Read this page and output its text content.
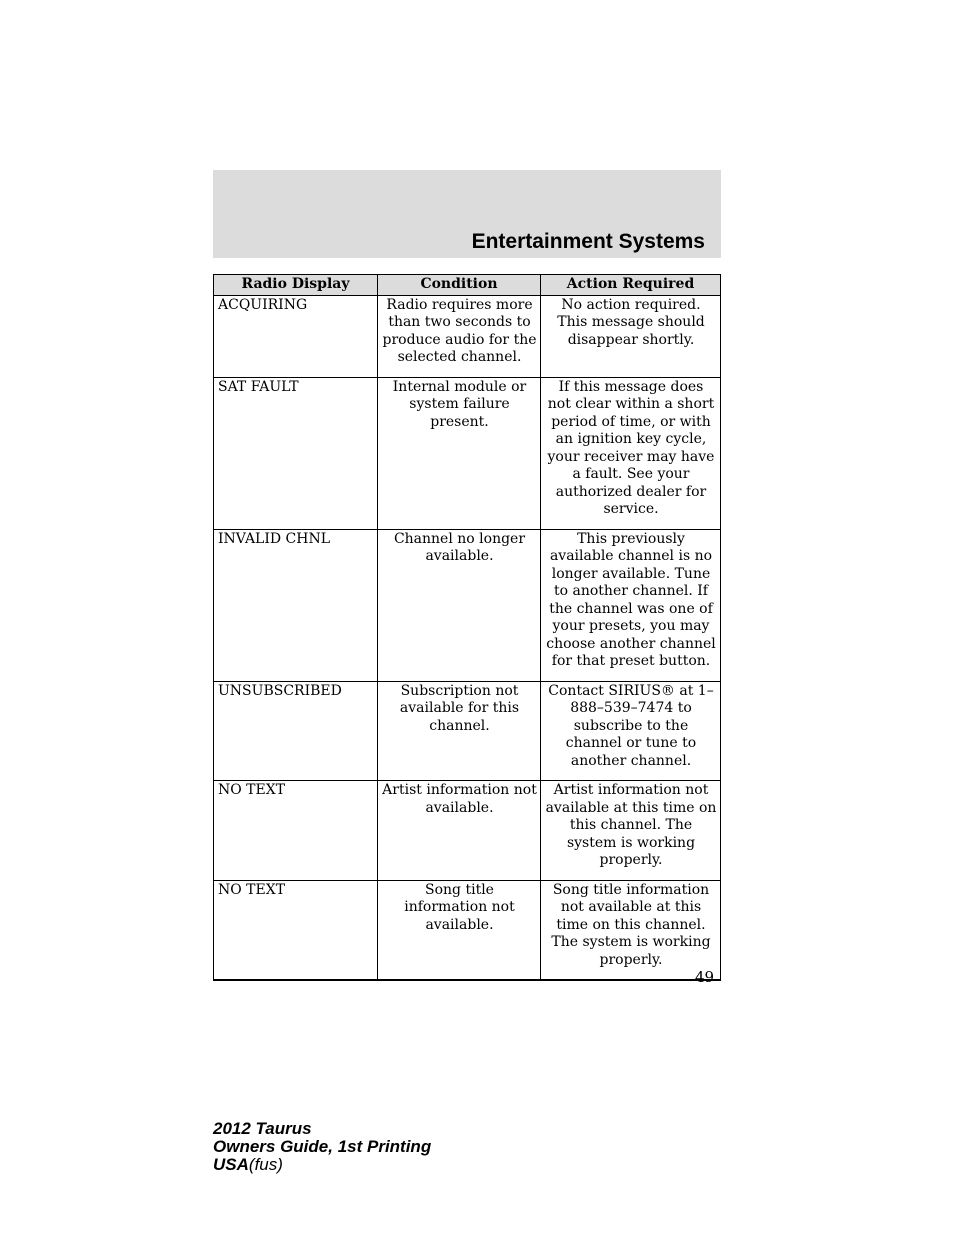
Entertainment Systems
Radio Display	Condition	Action Required
ACQUIRING	Radio requires more than two seconds to produce audio for the selected channel.	No action required. This message should disappear shortly.
SAT FAULT	Internal module or system failure present.	If this message does not clear within a short period of time, or with an ignition key cycle, your receiver may have a fault. See your authorized dealer for service.
INVALID CHNL	Channel no longer available.	This previously available channel is no longer available. Tune to another channel. If the channel was one of your presets, you may choose another channel for that preset button.
UNSUBSCRIBED	Subscription not available for this channel.	Contact SIRIUS® at 1–888–539–7474 to subscribe to the channel or tune to another channel.
NO TEXT	Artist information not available.	Artist information not available at this time on this channel. The system is working properly.
NO TEXT	Song title information not available.	Song title information not available at this time on this channel. The system is working properly.
49
2012 Taurus
Owners Guide, 1st Printing
USA(fus)
